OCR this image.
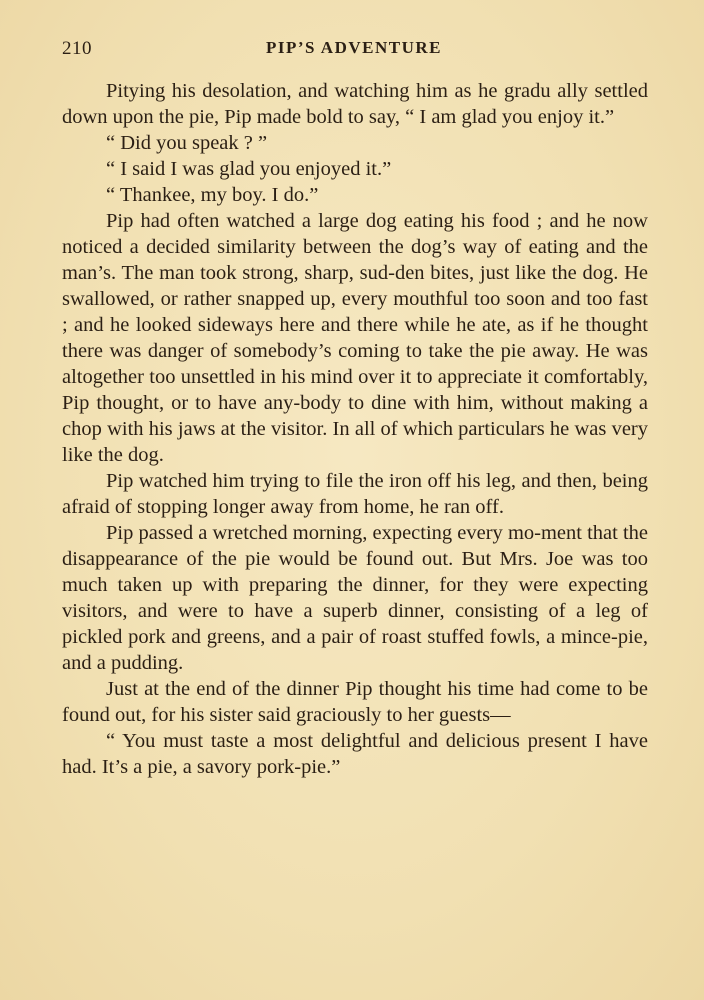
210	PIP’S ADVENTURE

Pitying his desolation, and watching him as he gradu ally settled down upon the pie, Pip made bold to say, “ I am glad you enjoy it.”

“ Did you speak ? ”

“ I said I was glad you enjoyed it.”

“ Thankee, my boy. I do.”

Pip had often watched a large dog eating his food ; and he now noticed a decided similarity between the dog’s way of eating and the man’s. The man took strong, sharp, sud-den bites, just like the dog. He swallowed, or rather snapped up, every mouthful too soon and too fast ; and he looked sideways here and there while he ate, as if he thought there was danger of somebody’s coming to take the pie away. He was altogether too unsettled in his mind over it to appreciate it comfortably, Pip thought, or to have any-body to dine with him, without making a chop with his jaws at the visitor. In all of which particulars he was very like the dog.

Pip watched him trying to file the iron off his leg, and then, being afraid of stopping longer away from home, he ran off.

Pip passed a wretched morning, expecting every mo-ment that the disappearance of the pie would be found out. But Mrs. Joe was too much taken up with preparing the dinner, for they were expecting visitors, and were to have a superb dinner, consisting of a leg of pickled pork and greens, and a pair of roast stuffed fowls, a mince-pie, and a pudding.

Just at the end of the dinner Pip thought his time had come to be found out, for his sister said graciously to her guests—

“ You must taste a most delightful and delicious present I have had. It’s a pie, a savory pork-pie.”
